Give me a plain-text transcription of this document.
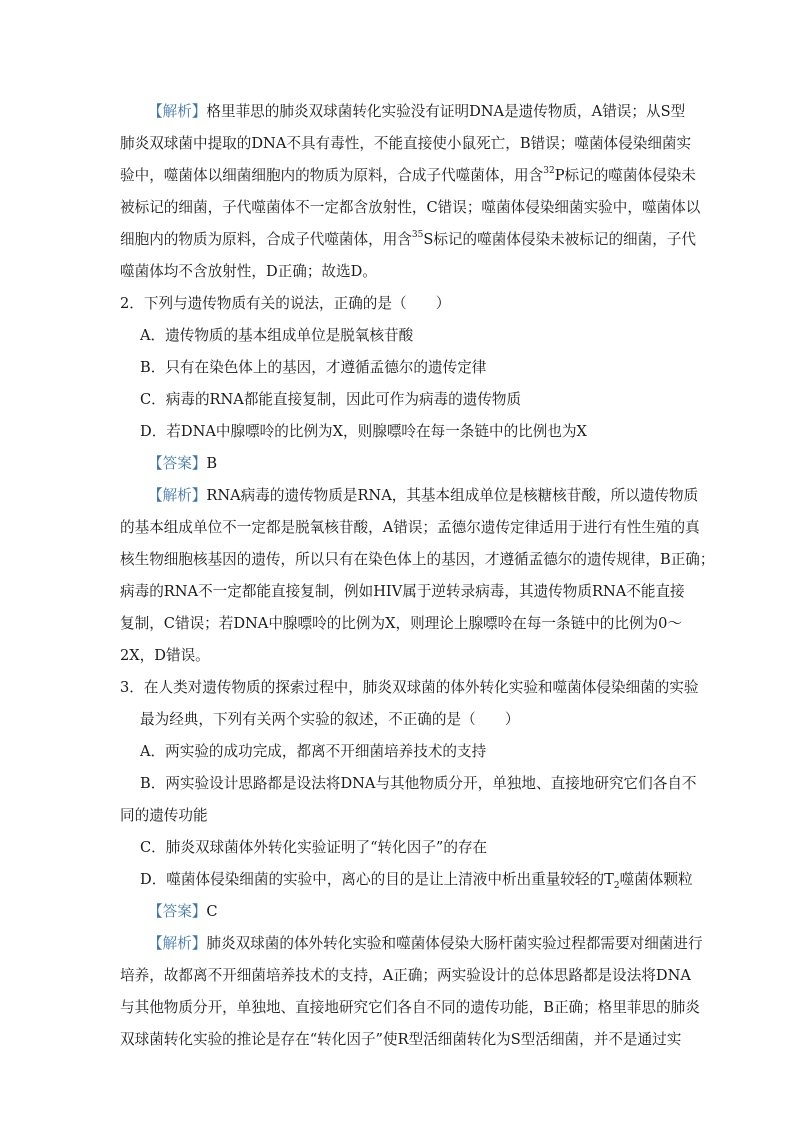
【解析】格里菲思的肺炎双球菌转化实验没有证明DNA是遗传物质，A错误；从S型
肺炎双球菌中提取的DNA不具有毒性，不能直接使小鼠死亡，B错误；噬菌体侵染细菌实
验中，噬菌体以细菌细胞内的物质为原料，合成子代噬菌体，用含$^{32}$P标记的噬菌体侵染未
被标记的细菌，子代噬菌体不一定都含放射性，C错误；噬菌体侵染细菌实验中，噬菌体以
细胞内的物质为原料，合成子代噬菌体，用含$^{35}$S标记的噬菌体侵染未被标记的细菌，子代
噬菌体均不含放射性，D正确；故选D。
2．下列与遗传物质有关的说法，正确的是（　　）
A．遗传物质的基本组成单位是脱氧核苷酸
B．只有在染色体上的基因，才遵循孟德尔的遗传定律
C．病毒的RNA都能直接复制，因此可作为病毒的遗传物质
D．若DNA中腺嘌呤的比例为X，则腺嘌呤在每一条链中的比例也为X
【答案】B
【解析】RNA病毒的遗传物质是RNA，其基本组成单位是核糖核苷酸，所以遗传物质
的基本组成单位不一定都是脱氧核苷酸，A错误；孟德尔遗传定律适用于进行有性生殖的真
核生物细胞核基因的遗传，所以只有在染色体上的基因，才遵循孟德尔的遗传规律，B正确；
病毒的RNA不一定都能直接复制，例如HIV属于逆转录病毒，其遗传物质RNA不能直接
复制，C错误；若DNA中腺嘌呤的比例为X，则理论上腺嘌呤在每一条链中的比例为0～
2X，D错误。
3．在人类对遗传物质的探索过程中，肺炎双球菌的体外转化实验和噬菌体侵染细菌的实验
最为经典，下列有关两个实验的叙述，不正确的是（　　）
A．两实验的成功完成，都离不开细菌培养技术的支持
B．两实验设计思路都是设法将DNA与其他物质分开，单独地、直接地研究它们各自不
同的遗传功能
C．肺炎双球菌体外转化实验证明了“转化因子”的存在
D．噬菌体侵染细菌的实验中，离心的目的是让上清液中析出重量较轻的$T_2$噬菌体颗粒
【答案】C
【解析】肺炎双球菌的体外转化实验和噬菌体侵染大肠杆菌实验过程都需要对细菌进行
培养，故都离不开细菌培养技术的支持，A正确；两实验设计的总体思路都是设法将DNA
与其他物质分开，单独地、直接地研究它们各自不同的遗传功能，B正确；格里菲思的肺炎
双球菌转化实验的推论是存在“转化因子”使R型活细菌转化为S型活细菌，并不是通过实
